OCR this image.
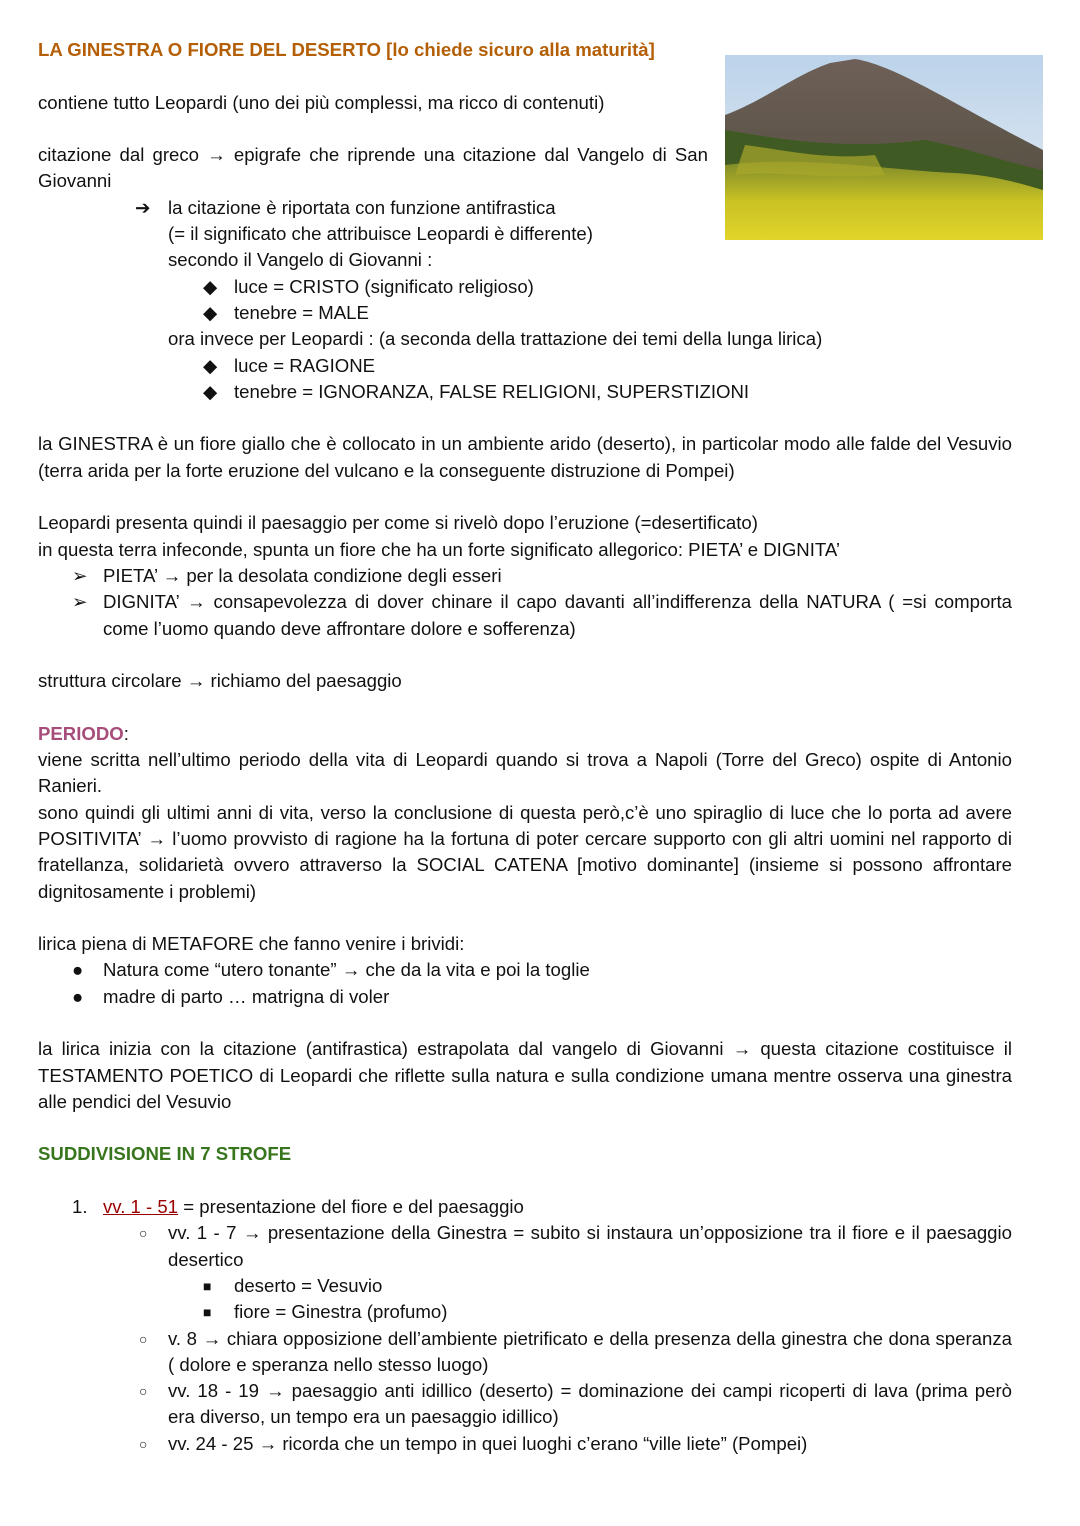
LA GINESTRA O FIORE DEL DESERTO [lo chiede sicuro alla maturità]

contiene tutto Leopardi (uno dei più complessi, ma ricco di contenuti)

citazione dal greco → epigrafe che riprende una citazione dal Vangelo di San Giovanni

➔ la citazione è riportata con funzione antifrastica

(= il significato che attribuisce Leopardi è differente)

secondo il Vangelo di Giovanni :

◆ luce = CRISTO (significato religioso)
◆ tenebre = MALE

ora invece per Leopardi : (a seconda della trattazione dei temi della lunga lirica)

◆ luce = RAGIONE
◆ tenebre = IGNORANZA, FALSE RELIGIONI, SUPERSTIZIONI

la GINESTRA è un fiore giallo che è collocato in un ambiente arido (deserto), in particolar modo alle falde del Vesuvio (terra arida per la forte eruzione del vulcano e la conseguente distruzione di Pompei)

Leopardi presenta quindi il paesaggio per come si rivelò dopo l’eruzione (=desertificato)

in questa terra infeconde, spunta un fiore che ha un forte significato allegorico: PIETA’ e DIGNITA’

➢ PIETA’ → per la desolata condizione degli esseri
➢ DIGNITA’ → consapevolezza di dover chinare il capo davanti all’indifferenza della NATURA ( =si comporta come l’uomo quando deve affrontare dolore e sofferenza)

struttura circolare → richiamo del paesaggio

PERIODO:

viene scritta nell’ultimo periodo della vita di Leopardi quando si trova a Napoli (Torre del Greco) ospite di Antonio Ranieri.

sono quindi gli ultimi anni di vita, verso la conclusione di questa però,c’è uno spiraglio di luce che lo porta ad avere POSITIVITA’ → l’uomo provvisto di ragione ha la fortuna di poter cercare supporto con gli altri uomini nel rapporto di fratellanza, solidarietà ovvero attraverso la SOCIAL CATENA [motivo dominante] (insieme si possono affrontare dignitosamente i problemi)

lirica piena di METAFORE che fanno venire i brividi:

● Natura come “utero tonante” → che da la vita e poi la toglie
● madre di parto … matrigna di voler

la lirica inizia con la citazione (antifrastica) estrapolata dal vangelo di Giovanni → questa citazione costituisce il TESTAMENTO POETICO di Leopardi che riflette sulla natura e sulla condizione umana mentre osserva una ginestra alle pendici del Vesuvio

SUDDIVISIONE IN 7 STROFE

1. vv. 1 - 51 = presentazione del fiore e del paesaggio
○ vv. 1 - 7 → presentazione della Ginestra = subito si instaura un’opposizione tra il fiore e il paesaggio desertico
■ deserto = Vesuvio
■ fiore = Ginestra (profumo)
○ v. 8 → chiara opposizione dell’ambiente pietrificato e della presenza della ginestra che dona speranza ( dolore e speranza nello stesso luogo)
○ vv. 18 - 19 → paesaggio anti idillico (deserto) = dominazione dei campi ricoperti di lava (prima però era diverso, un tempo era un paesaggio idillico)
○ vv. 24 - 25 → ricorda che un tempo in quei luoghi c’erano “ville liete” (Pompei)
